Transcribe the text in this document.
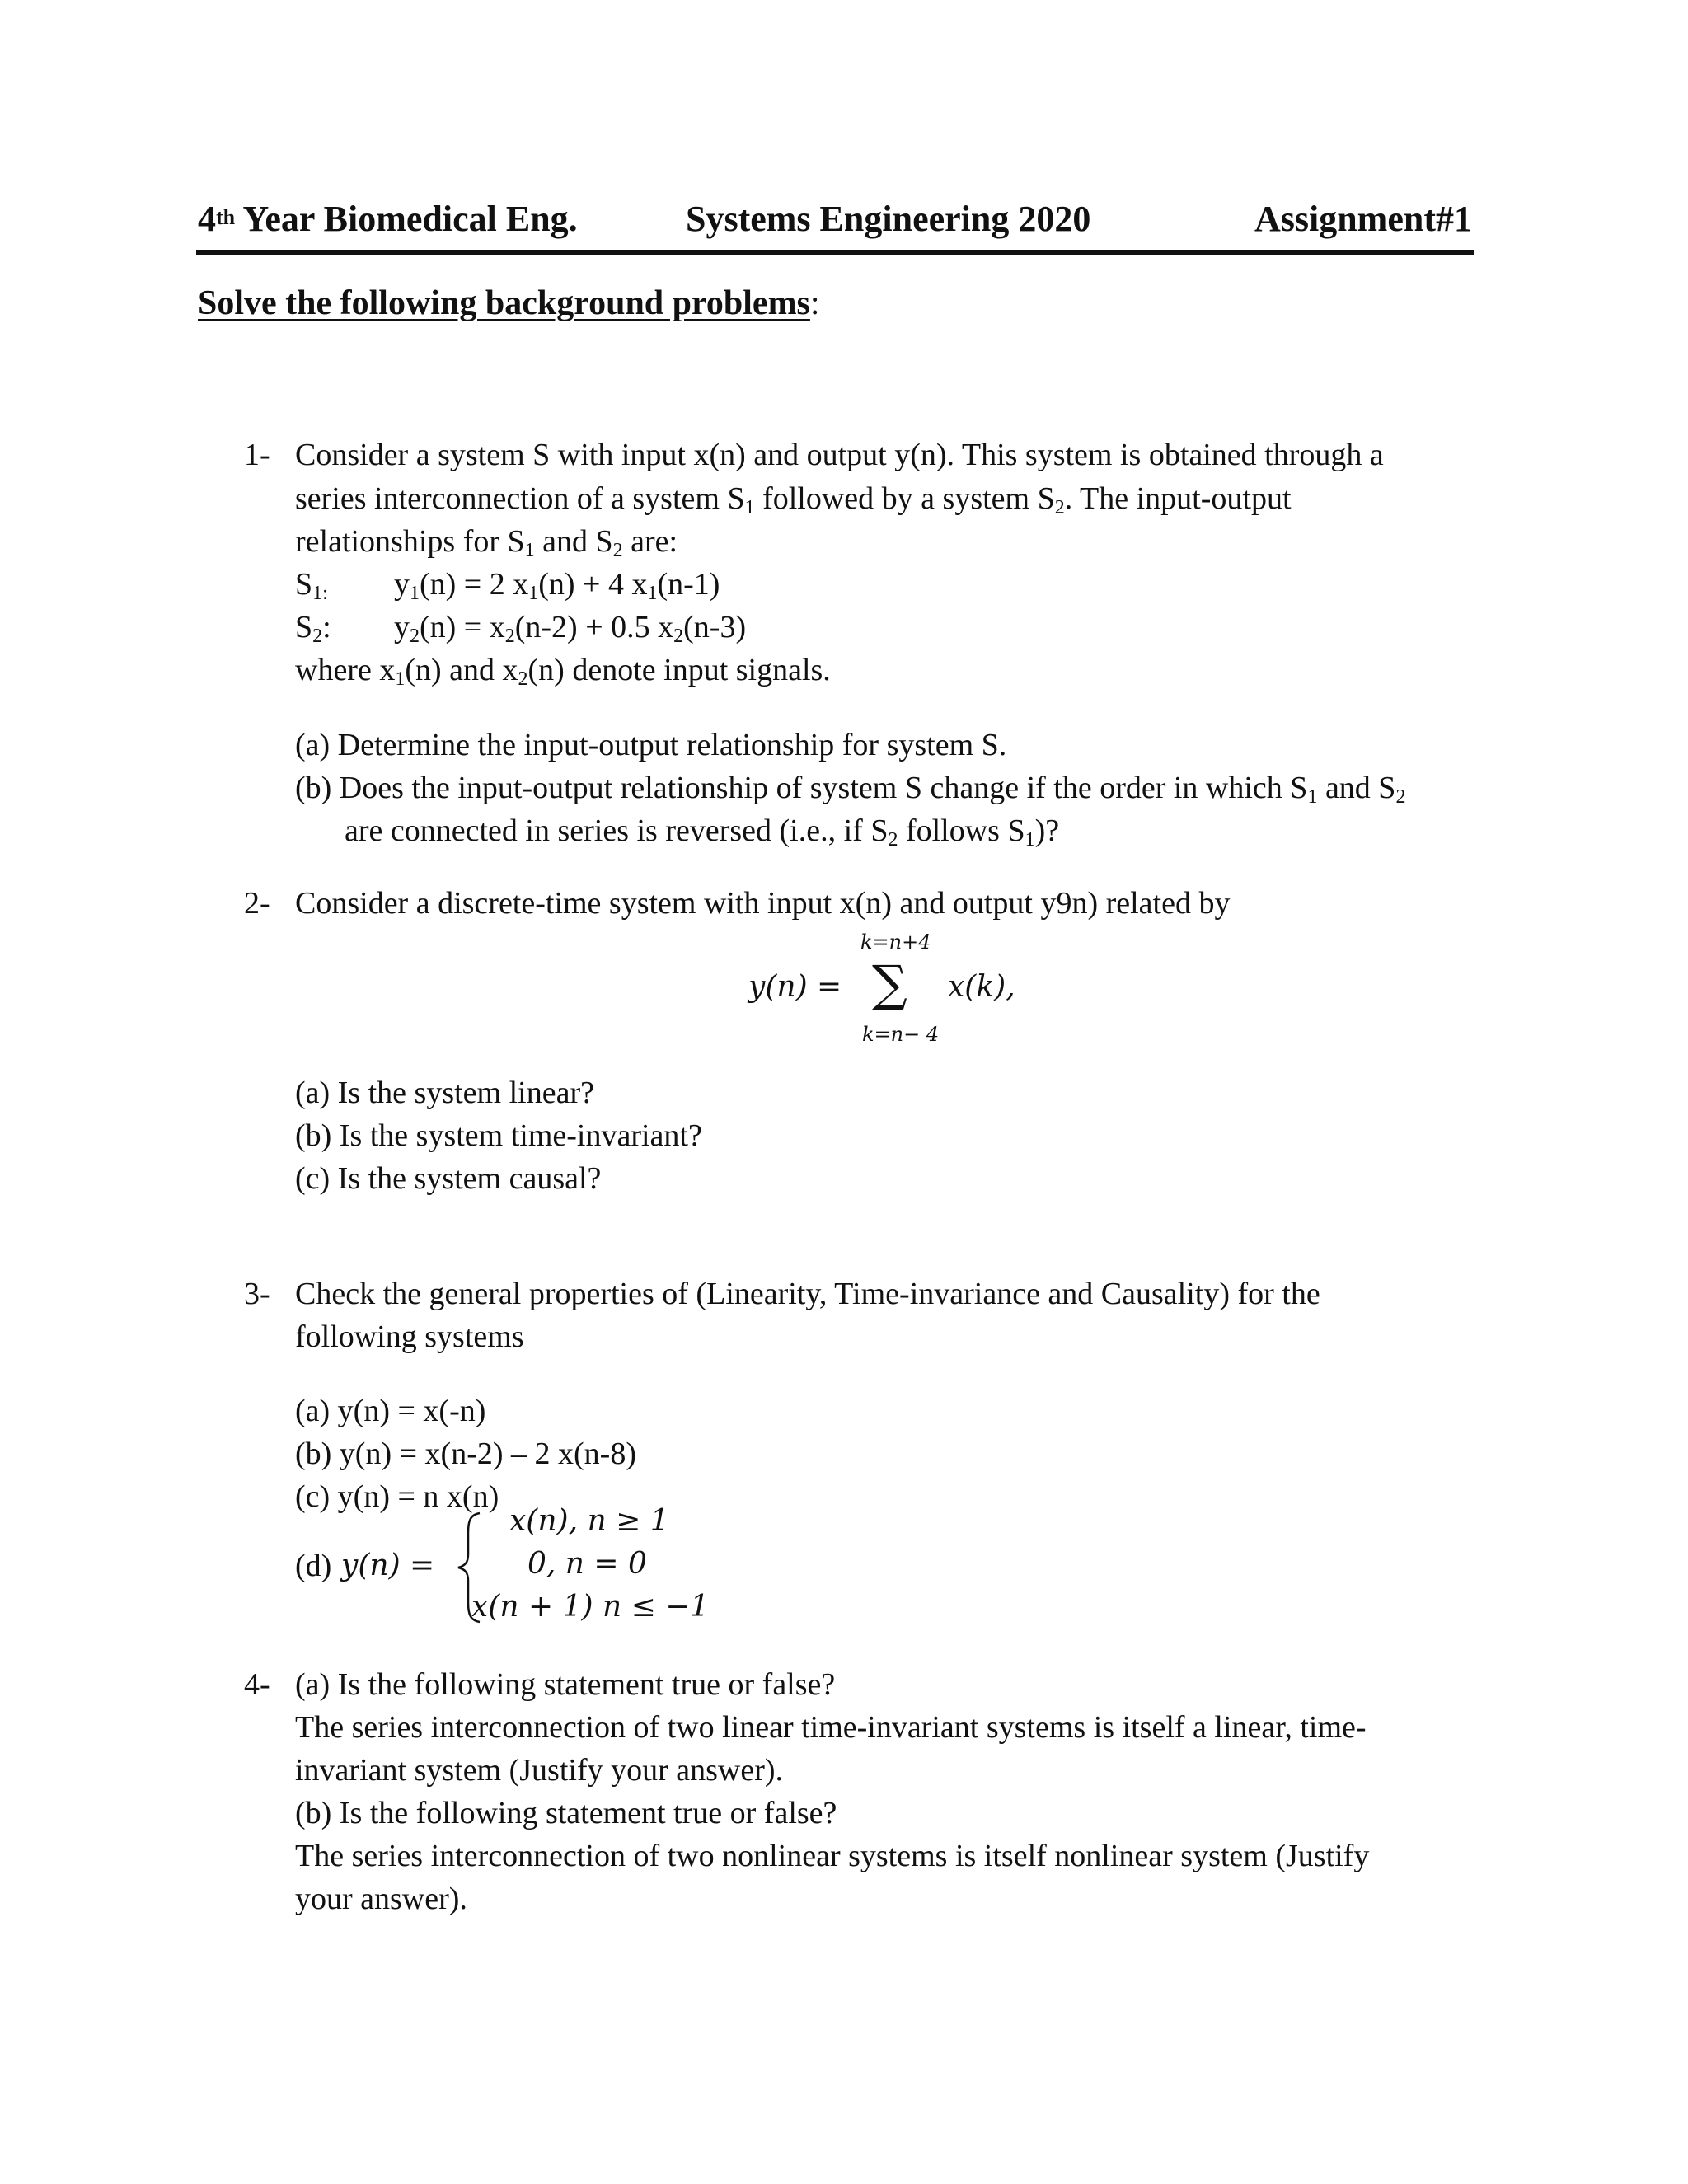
4th Year Biomedical Eng.	Systems Engineering 2020	Assignment#1
Solve the following background problems:
1- Consider a system S with input x(n) and output y(n). This system is obtained through a
series interconnection of a system $S_1$ followed by a system $S_2$. The input-output
relationships for $S_1$ and $S_2$ are:
$S_{1:}$ $y_1(n) = 2$ $x_1(n) + 4$ $x_1(n-1)$
$S_2$: $y_2(n) = x_2(n-2) + 0.5$ $x_2(n-3)$
where $x_1(n)$ and $x_2(n)$ denote input signals.
(a) Determine the input-output relationship for system S.
(b) Does the input-output relationship of system S change if the order in which $S_1$ and $S_2$
are connected in series is reversed (i.e., if $S_2$ follows $S_1$)?
2- Consider a discrete-time system with input x(n) and output y9n) related by
y(n) =
k=n+4
∑
k=n− 4
x(k),
(a) Is the system linear?
(b) Is the system time-invariant?
(c) Is the system causal?
3- Check the general properties of (Linearity, Time-invariance and Causality) for the
following systems
(a) y(n) = x(-n)
(b) y(n) = x(n-2) – 2 x(n-8)
(c) y(n) = n x(n)
(d) y(n) =
x(n), n ≥ 1
0, n = 0
x(n + 1) n ≤ −1
4- (a) Is the following statement true or false?
The series interconnection of two linear time-invariant systems is itself a linear, time-
invariant system (Justify your answer).
(b) Is the following statement true or false?
The series interconnection of two nonlinear systems is itself nonlinear system (Justify
your answer).
